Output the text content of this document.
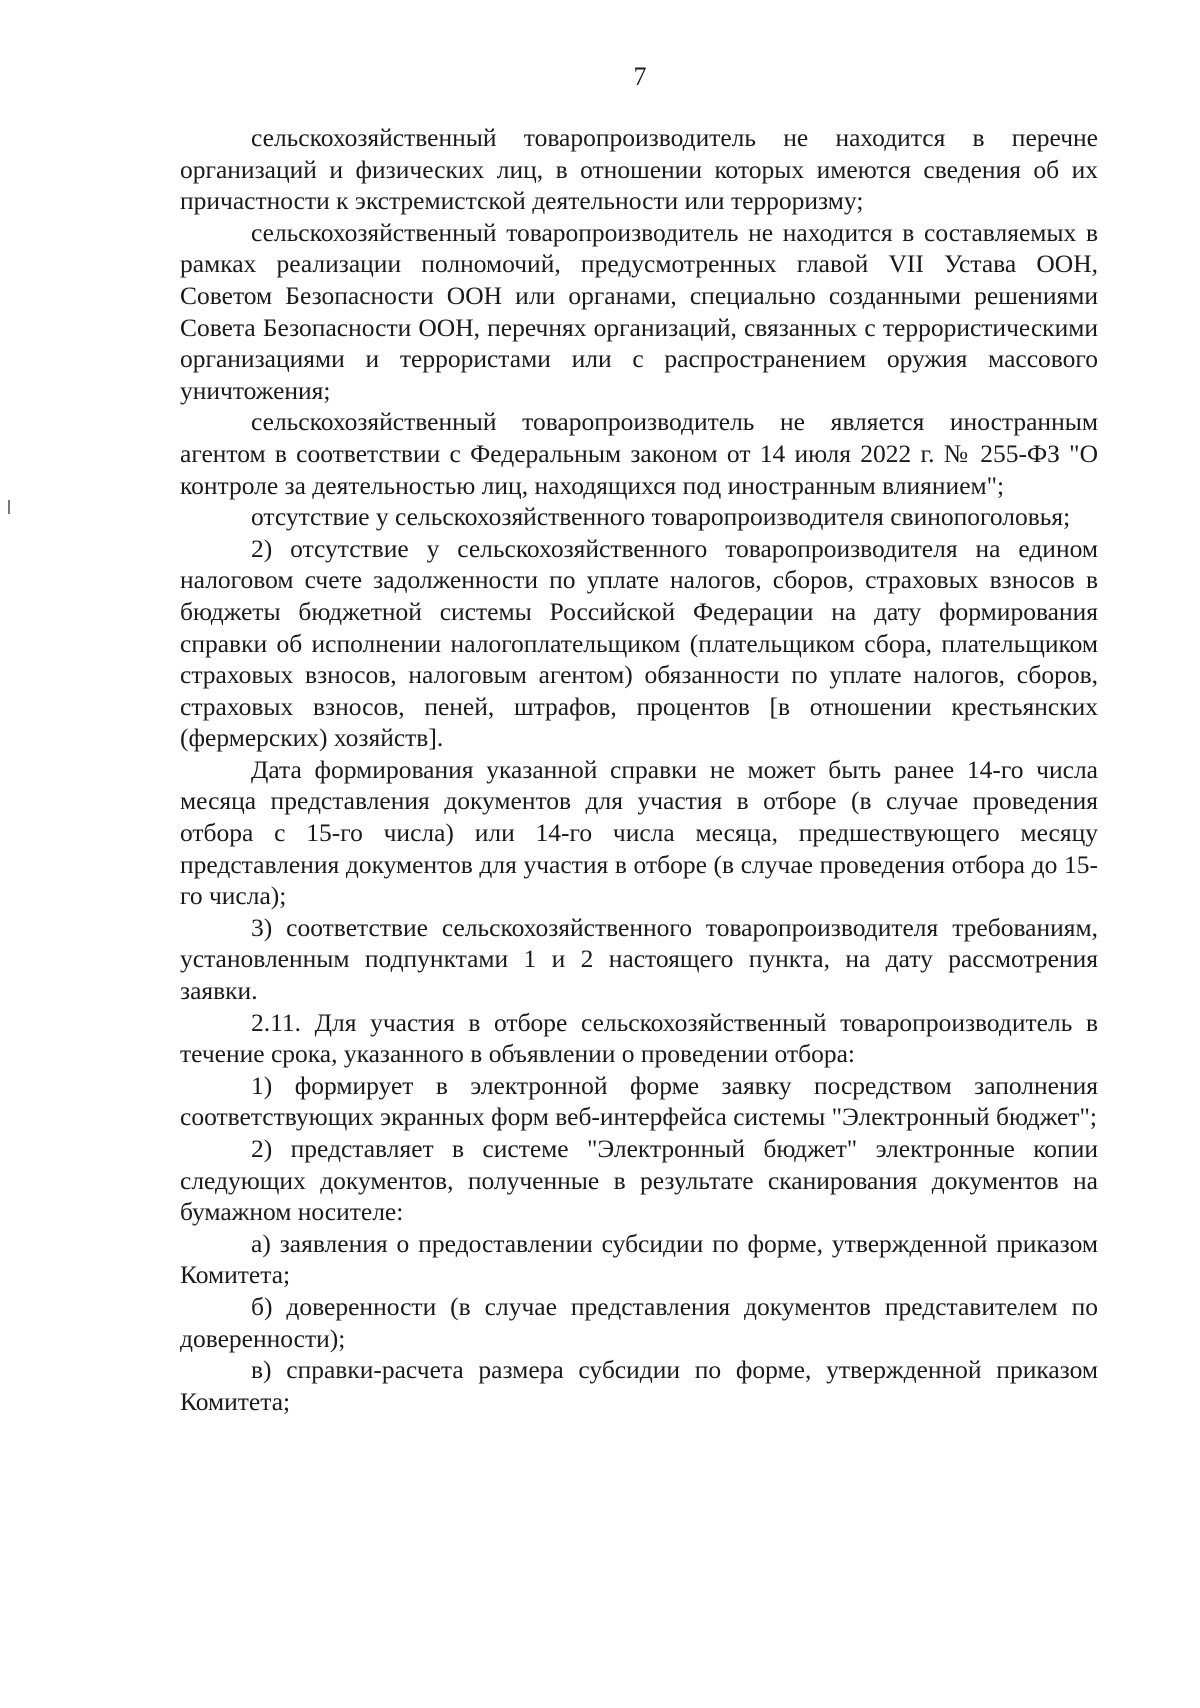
7

сельскохозяйственный товаропроизводитель не находится в перечне организаций и физических лиц, в отношении которых имеются сведения об их причастности к экстремистской деятельности или терроризму;

сельскохозяйственный товаропроизводитель не находится в составляемых в рамках реализации полномочий, предусмотренных главой VII Устава ООН, Советом Безопасности ООН или органами, специально созданными решениями Совета Безопасности ООН, перечнях организаций, связанных с террористическими организациями и террористами или с распространением оружия массового уничтожения;

сельскохозяйственный товаропроизводитель не является иностранным агентом в соответствии с Федеральным законом от 14 июля 2022 г. № 255-ФЗ "О контроле за деятельностью лиц, находящихся под иностранным влиянием";

отсутствие у сельскохозяйственного товаропроизводителя свинопоголовья;

2) отсутствие у сельскохозяйственного товаропроизводителя на едином налоговом счете задолженности по уплате налогов, сборов, страховых взносов в бюджеты бюджетной системы Российской Федерации на дату формирования справки об исполнении налогоплательщиком (плательщиком сбора, плательщиком страховых взносов, налоговым агентом) обязанности по уплате налогов, сборов, страховых взносов, пеней, штрафов, процентов [в отношении крестьянских (фермерских) хозяйств].

Дата формирования указанной справки не может быть ранее 14-го числа месяца представления документов для участия в отборе (в случае проведения отбора с 15-го числа) или 14-го числа месяца, предшествующего месяцу представления документов для участия в отборе (в случае проведения отбора до 15-го числа);

3) соответствие сельскохозяйственного товаропроизводителя требованиям, установленным подпунктами 1 и 2 настоящего пункта, на дату рассмотрения заявки.

2.11. Для участия в отборе сельскохозяйственный товаропроизводитель в течение срока, указанного в объявлении о проведении отбора:

1) формирует в электронной форме заявку посредством заполнения соответствующих экранных форм веб-интерфейса системы "Электронный бюджет";

2) представляет в системе "Электронный бюджет" электронные копии следующих документов, полученные в результате сканирования документов на бумажном носителе:

а) заявления о предоставлении субсидии по форме, утвержденной приказом Комитета;

б) доверенности (в случае представления документов представителем по доверенности);

в) справки-расчета размера субсидии по форме, утвержденной приказом Комитета;
